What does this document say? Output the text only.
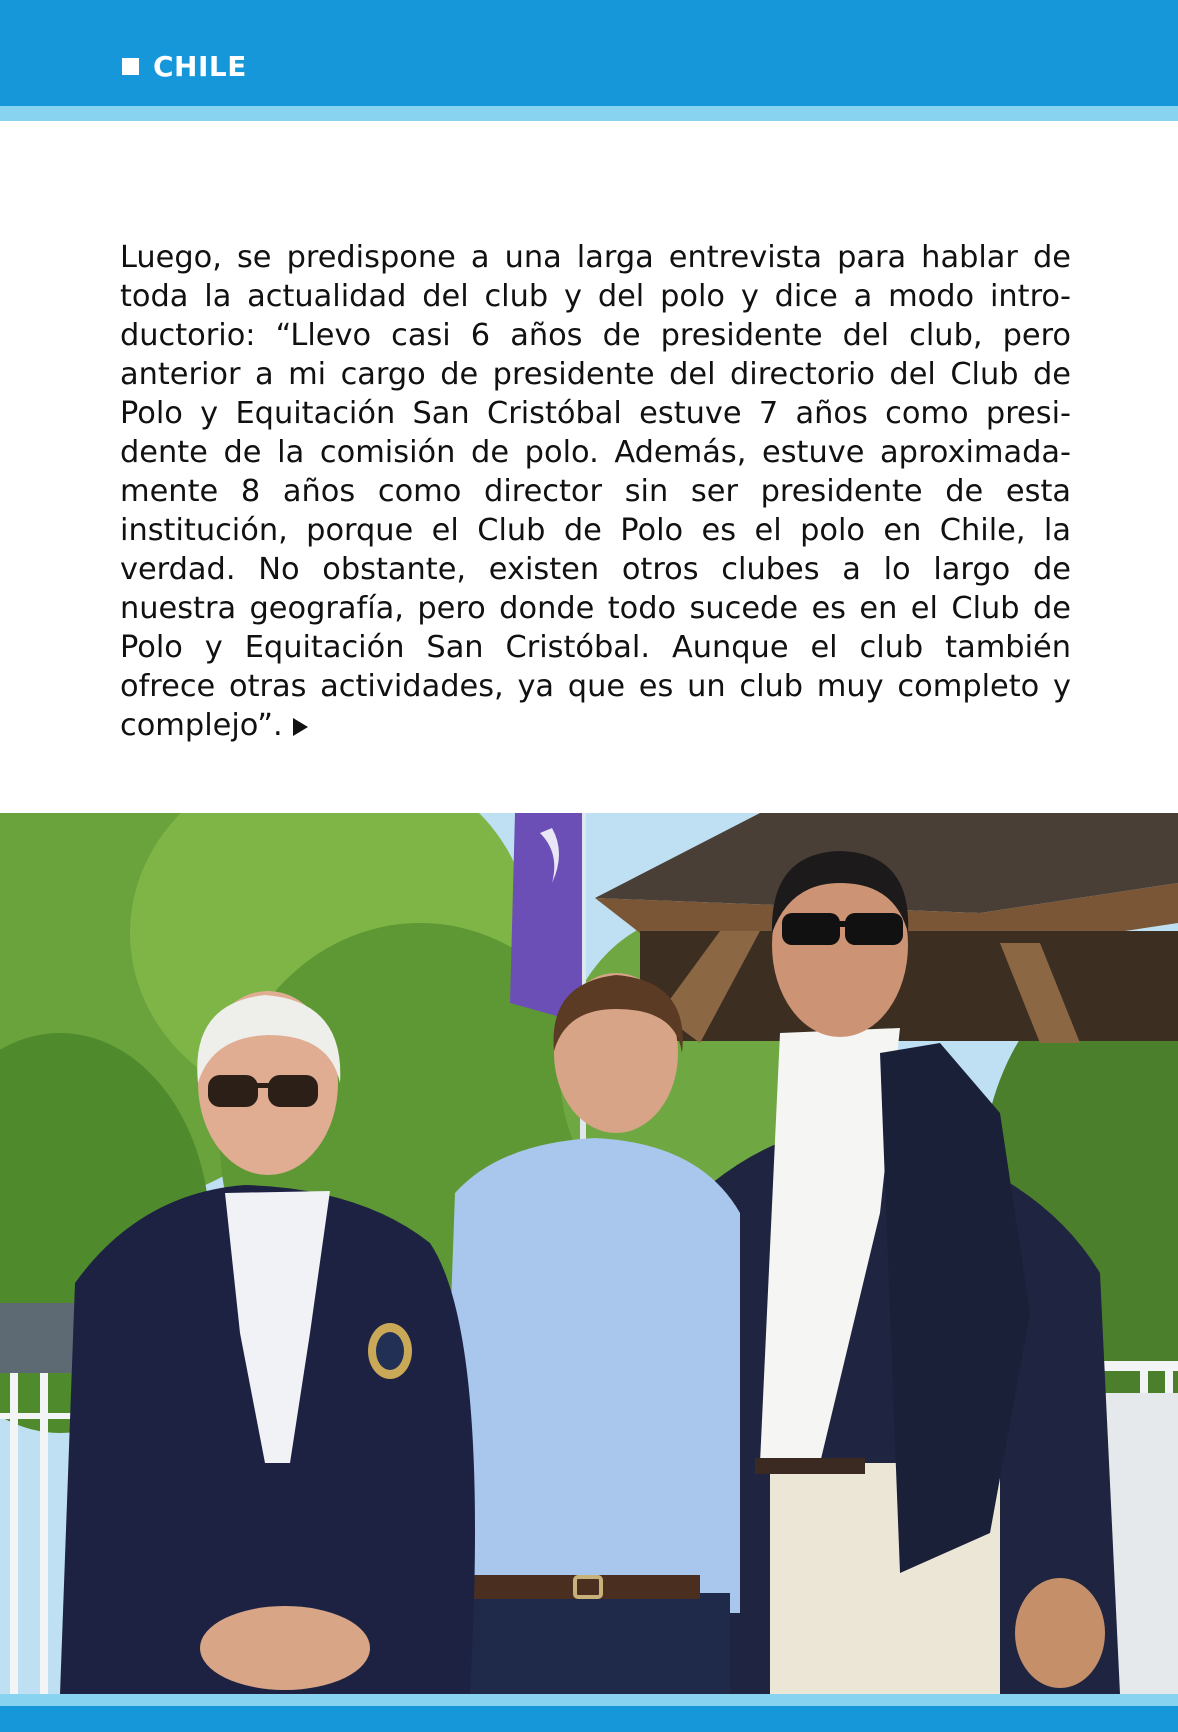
CHILE

Luego, se predispone a una larga entrevista para hablar de toda la actualidad del club y del polo y dice a modo introductorio: “Llevo casi 6 años de presidente del club, pero anterior a mi cargo de presidente del directorio del Club de Polo y Equitación San Cristóbal estuve 7 años como presidente de la comisión de polo. Además, estuve aproximadamente 8 años como director sin ser presidente de esta institución, porque el Club de Polo es el polo en Chile, la verdad. No obstante, existen otros clubes a lo largo de nuestra geografía, pero donde todo sucede es en el Club de Polo y Equitación San Cristóbal. Aunque el club también ofrece otras actividades, ya que es un club muy completo y complejo”.
